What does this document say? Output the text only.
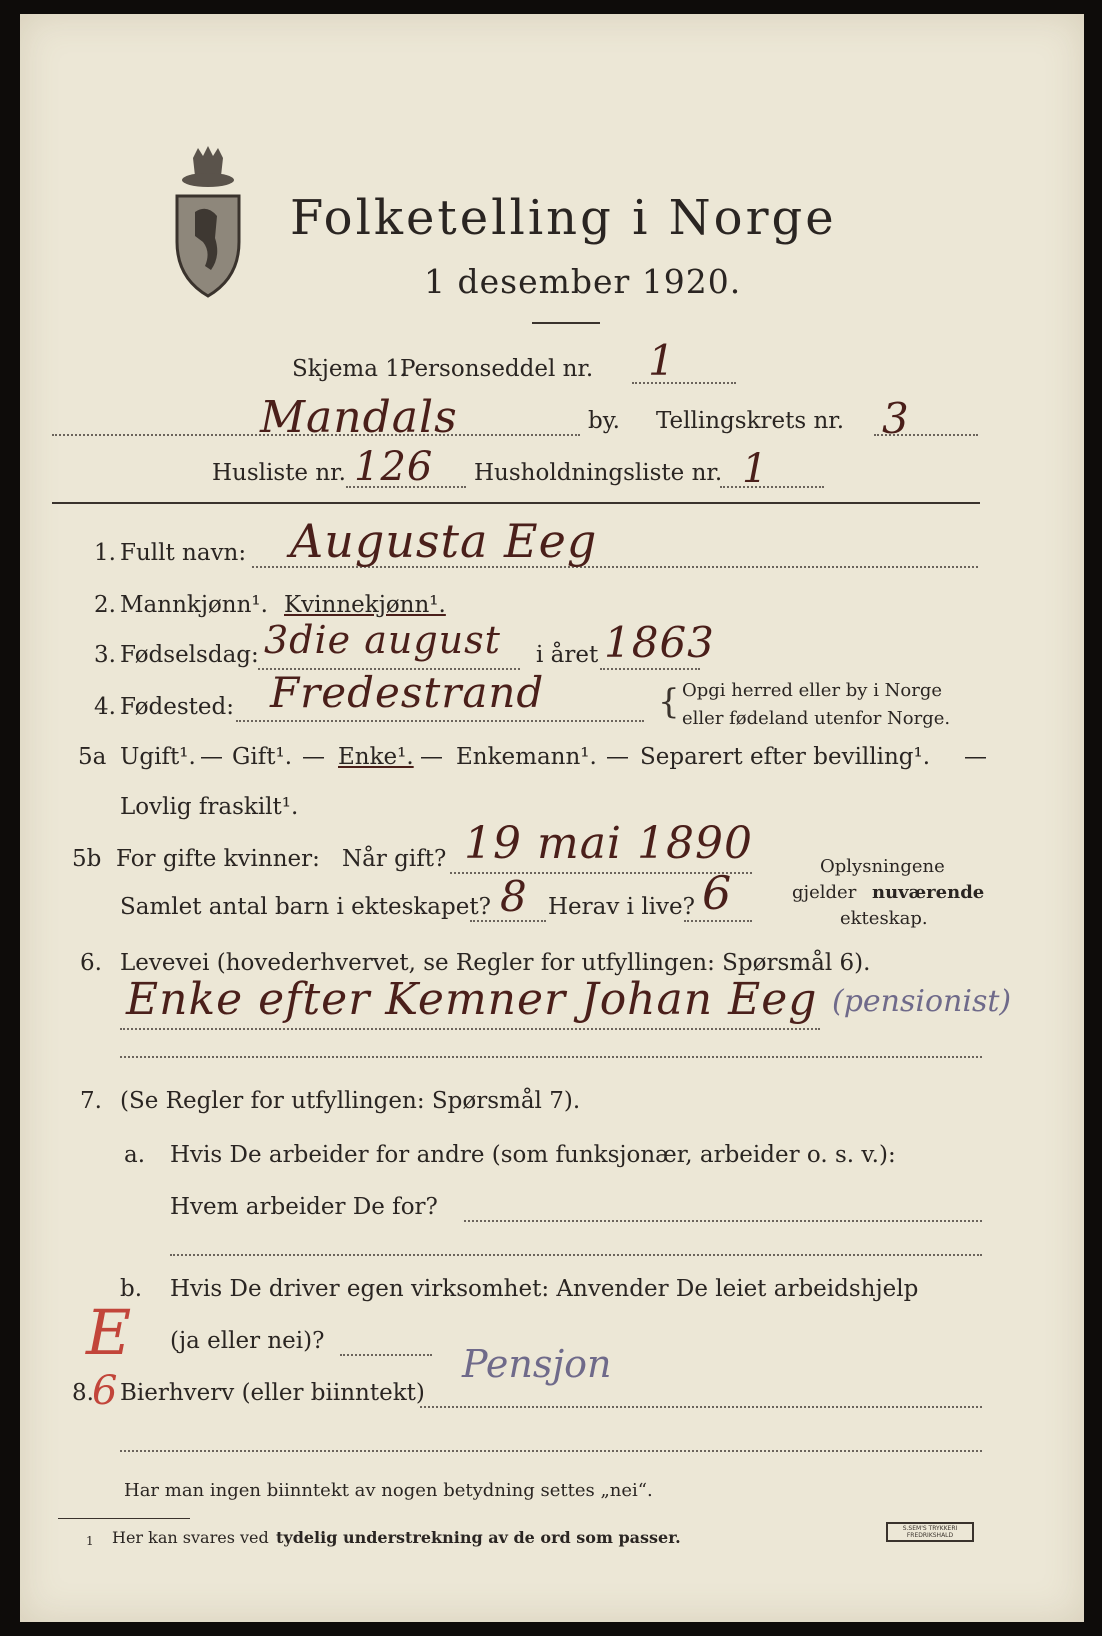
Folketelling i Norge
1 desember 1920.
Skjema 1.
Personseddel nr. 1
Mandals	by. Tellingskrets nr. 3
Husliste nr. 126 Husholdningsliste nr. 1
1. Fullt navn: Augusta Eeg
2. Mannkjønn¹. Kvinnekjønn¹.
3. Fødselsdag: 3die august i året 1863
4. Fødested: Fredestrand	{ Opgi herred eller by i Norge
eller fødeland utenfor Norge.
5a Ugift¹. — Gift¹. — Enke¹. — Enkemann¹. — Separert efter bevilling¹. —
Lovlig fraskilt¹.
5b For gifte kvinner: Når gift? 19 mai 1890
Samlet antal barn i ekteskapet? 8 Herav i live? 6	Oplysningene
gjelder nuværende
ekteskap.
6. Levevei (hovederhvervet, se Regler for utfyllingen: Spørsmål 6).
Enke efter Kemner Johan Eeg (pensionist)
7. (Se Regler for utfyllingen: Spørsmål 7).
a. Hvis De arbeider for andre (som funksjonær, arbeider o. s. v.):
Hvem arbeider De for?
b. Hvis De driver egen virksomhet: Anvender De leiet arbeidshjelp
(ja eller nei)?
E
8.
6 Bierhverv (eller biinntekt)
Pensjon
Har man ingen biinntekt av nogen betydning settes „nei“.
1 Her kan svares ved tydelig understrekning av de ord som passer.	S.SEM'S TRYKKERI
FREDRIKSHALD
